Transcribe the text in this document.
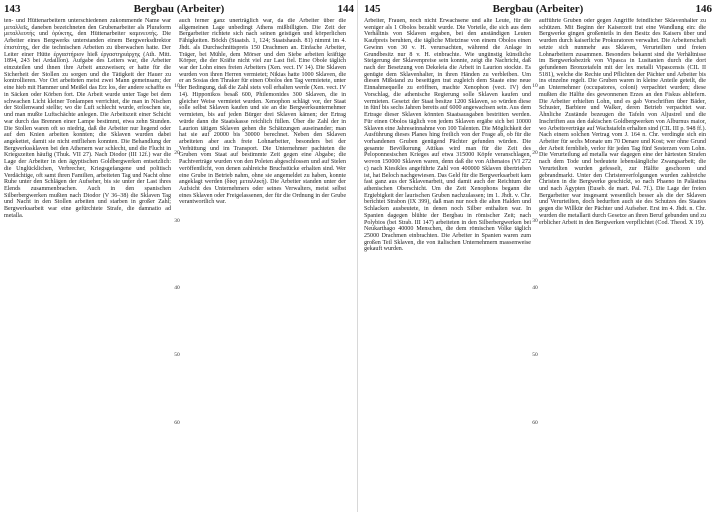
143	Bergbau (Arbeiter)	144
ten- und Hüttenarbeitern unterschiedenen zukommende Name war μεταλλεῖς, daneben bezeichneten den Grubenarbeiter als Pluraform μεταλλευτής und ὀρύκτης, den Hüttenarbeiter καμινευτής. Die Arbeiter eines Bergwerks unterstanden einem Bergwerksdirektor ἐπιστάτης, der die technischen Arbeiten zu überwachen hatte. Der Leiter einer Hütte ἐργαστήριον hieß ἐργαστηριάρχης (Ath. Mitt. 1894, 243 bei Ardaillon). Aufgabe des Leiters war, die Arbeiter einzuteilen und ihnen ihre Arbeit anzuweisen; er hatte für die Sicherheit der Stollen zu sorgen und die Tätigkeit der Hauer zu kontrollieren. Vor Ort arbeiteten meist zwei Mann gemeinsam; der eine hieb mit Hammer und Meißel das Erz los, der andere schaffte es in Säcken oder Körben fort. Die Arbeit wurde unter Tage bei dem schwachen Licht kleiner Tonlampen verrichtet, die man in Nischen der Stollenwand stellte; wo die Luft schlecht wurde, erloschen sie, und man mußte Luftschächte anlegen. Die Arbeitszeit einer Schicht war durch das Brennen einer Lampe bestimmt, etwa zehn Stunden. Die Stollen waren oft so niedrig, daß die Arbeiter nur liegend oder auf den Knien arbeiten konnten; die Sklaven wurden dabei angekettet, damit sie nicht entfliehen konnten. Die Behandlung der Bergwerkssklaven bei den Athenern war schlecht, und die Flucht in Kriegszeiten häufig (Thuk. VII 27). Nach Diodor (III 12f.) war die Lage der Arbeiter in den ägyptischen Goldbergwerken entsetzlich: die Unglücklichen, Verbrecher, Kriegsgefangene und politisch Verdächtige, oft samt ihren Familien, arbeiteten Tag und Nacht ohne Ruhe unter den Schlägen der Aufseher, bis sie unter der Last ihres Elends zusammenbrachen. Auch in den spanischen Silberbergwerken mußten nach Diodor (V 36–38) die Sklaven Tag und Nacht in den Stollen arbeiten und starben in großer Zahl; Bergwerksarbeit war eine gefürchtete Strafe, die damnatio ad metalla.
10
20
30
40
50
60
auch ferner ganz unerträglich war, da die Arbeiter über die allgemeinen Lage unbedingt Athens mißbilligten. Die Zeit der Bergarbeiter richtete sich nach seinen geistigen und körperlichen Fähigkeiten. Böckh (Staatsh. 1, 124; Staatshaush. 81) nimmt im 4. Jhdt. als Durchschnittspreis 150 Drachmen an. Einfache Arbeiter, Träger, bei Mühle, dem Mörser und den Siebe arbeiten kräftige Körper, die der Kräfte nicht viel zur Last fiel. Eine Obole täglich war der Lohn eines freien Arbeiters (Xen. vect. IV 14). Die Sklaven wurden von ihren Herren vermietet; Nikias hatte 1000 Sklaven, die er an Sosias den Thraker für einen Obolos den Tag vermietete, unter der Bedingung, daß die Zahl stets voll erhalten werde (Xen. vect. IV 14). Hipponikos besaß 600, Philemonides 300 Sklaven, die in gleicher Weise vermietet wurden. Xenophon schlägt vor, der Staat solle selbst Sklaven kaufen und sie an die Bergwerksunternehmer vermieten, bis auf jeden Bürger drei Sklaven kämen; der Ertrag würde dann die Staatskasse reichlich füllen. Über die Zahl der in Laurion tätigen Sklaven gehen die Schätzungen auseinander; man hat sie auf 20000 bis 30000 berechnet. Neben den Sklaven arbeiteten aber auch freie Lohnarbeiter, besonders bei der Verhüttung und im Transport. Die Unternehmer pachteten die Gruben vom Staat auf bestimmte Zeit gegen eine Abgabe; die Pachtverträge wurden von den Poleten abgeschlossen und auf Stelen veröffentlicht, von denen zahlreiche Bruchstücke erhalten sind. Wer eine Grube in Betrieb nahm, ohne sie angemeldet zu haben, konnte angeklagt werden (δίκη μεταλλική). Die Arbeiter standen unter der Aufsicht des Unternehmers oder seines Verwalters, meist selbst eines Sklaven oder Freigelassenen, der für die Ordnung in der Grube verantwortlich war.
145	Bergbau (Arbeiter)	146
Arbeiter, Frauen, noch nicht Erwachsene und alte Leute, für die weniger als 1 Obolos bezahlt wurde. Die Vorteile, die sich aus dem Verhältnis von Sklaven ergaben, bei den anständigen Leuten Kaufpreis beruhten, die tägliche Mietzinse von einem Obolos einen Gewinn von 30 v. H. verursachten, während die Anlage in Grundbesitz nur 8 v. H. einbrachte. Wie ungünstig künstliche Steigerung der Sklavenpreise sein konnte, zeigt die Nachricht, daß nach der Besetzung von Dekeleia die Arbeit in Laurion stockte. Es genügte dem Sklavenhalter, in ihren Händen zu verbleiben. Um diesen Mißstand zu beseitigen trat zugleich dem Staate eine neue Einnahmequelle zu eröffnen, machte Xenophon (vect. IV) den Vorschlag, die athenische Regierung solle Sklaven kaufen und vermieten. Gesetzt der Staat besitze 1200 Sklaven, so würden diese in fünf bis sechs Jahren bereits auf 6000 angewachsen sein. Aus dem Ertrage dieser Sklaven könnten Staatsausgaben bestritten werden. Für einen Obolos täglich von jedem Sklaven ergäbe sich bei 10000 Sklaven eine Jahreseinnahme von 100 Talenten. Die Möglichkeit der Ausführung dieses Planes hing freilich von der Frage ab, ob für die vorhandenen Gruben genügend Pächter gefunden würden. Die gesamte Bevölkerung Attikas wird man für die Zeit des Peloponnesischen Krieges auf etwa 315000 Köpfe veranschlagen, wovon 150000 Sklaven waren, denn daß die von Athenaios (VI 272 c) nach Ktesikles angeführte Zahl von 400000 Sklaven übertrieben ist, hat Beloch nachgewiesen. Das Geld für die Bergwerksarbeit kam fast ganz aus der Sklavenarbeit, und damit auch der Reichtum der athenischen Oberschicht. Um die Zeit Xenophons begann die Ergiebigkeit der laurischen Gruben nachzulassen; im 1. Jhdt. v. Chr. berichtet Strabon (IX 399), daß man nur noch die alten Halden und Schlacken ausbeutete, in denen noch Silber enthalten war. In Spanien dagegen blühte der Bergbau in römischer Zeit; nach Polybios (bei Strab. III 147) arbeiteten in den Silberbergwerken bei Neukarthago 40000 Menschen, die dem römischen Volke täglich 25000 Drachmen einbrachten. Die Arbeiter in Spanien waren zum großen Teil Sklaven, die von italischen Unternehmern massenweise gekauft wurden.
10
20
30
40
50
60
aufführte Gruben oder gegen Angriffe feindlicher Sklavenhalter zu schützen. Mit Beginn der Kaiserzeit trat eine Wandlung ein: die Bergwerke gingen großenteils in den Besitz des Kaisers über und wurden durch kaiserliche Prokuratoren verwaltet. Die Arbeiterschaft setzte sich nunmehr aus Sklaven, Verurteilten und freien Lohnarbeitern zusammen. Besonders bekannt sind die Verhältnisse im Bergwerksbezirk von Vipasca in Lusitanien durch die dort gefundenen Bronzetafeln mit der lex metalli Vipascensis (CIL II 5181), welche die Rechte und Pflichten der Pächter und Arbeiter bis ins einzelne regelt. Die Gruben waren in kleine Anteile geteilt, die an Unternehmer (occupatores, coloni) verpachtet wurden; diese mußten die Hälfte des gewonnenen Erzes an den Fiskus abliefern. Die Arbeiter erhielten Lohn, und es gab Vorschriften über Bäder, Schuster, Barbiere und Walker, deren Betrieb verpachtet war. Ähnliche Zustände bezeugen die Tafeln von Aljustrel und die Inschriften aus den dakischen Goldbergwerken von Alburnus maior, wo Arbeitsverträge auf Wachstafeln erhalten sind (CIL III p. 948 ff.). Nach einem solchen Vertrag vom J. 164 n. Chr. verdingte sich ein Arbeiter für sechs Monate um 70 Denare und Kost; wer ohne Grund der Arbeit fernblieb, verlor für jeden Tag fünf Sesterzen vom Lohn. Die Verurteilung ad metalla war dagegen eine der härtesten Strafen nach dem Tode und bedeutete lebenslängliche Zwangsarbeit; die Verurteilten wurden gefesselt, zur Hälfte geschoren und gebrandmarkt. Unter den Christenverfolgungen wurden zahlreiche Christen in die Bergwerke geschickt, so nach Phaeno in Palästina und nach Ägypten (Euseb. de mart. Pal. 7f.). Die Lage der freien Bergarbeiter war insgesamt wesentlich besser als die der Sklaven und Verurteilten, doch bedurften auch sie des Schutzes des Staates gegen die Willkür der Pächter und Aufseher. Erst im 4. Jhdt. n. Chr. wurden die metallarii durch Gesetze an ihren Beruf gebunden und zu erblicher Arbeit in den Bergwerken verpflichtet (Cod. Theod. X 19).
